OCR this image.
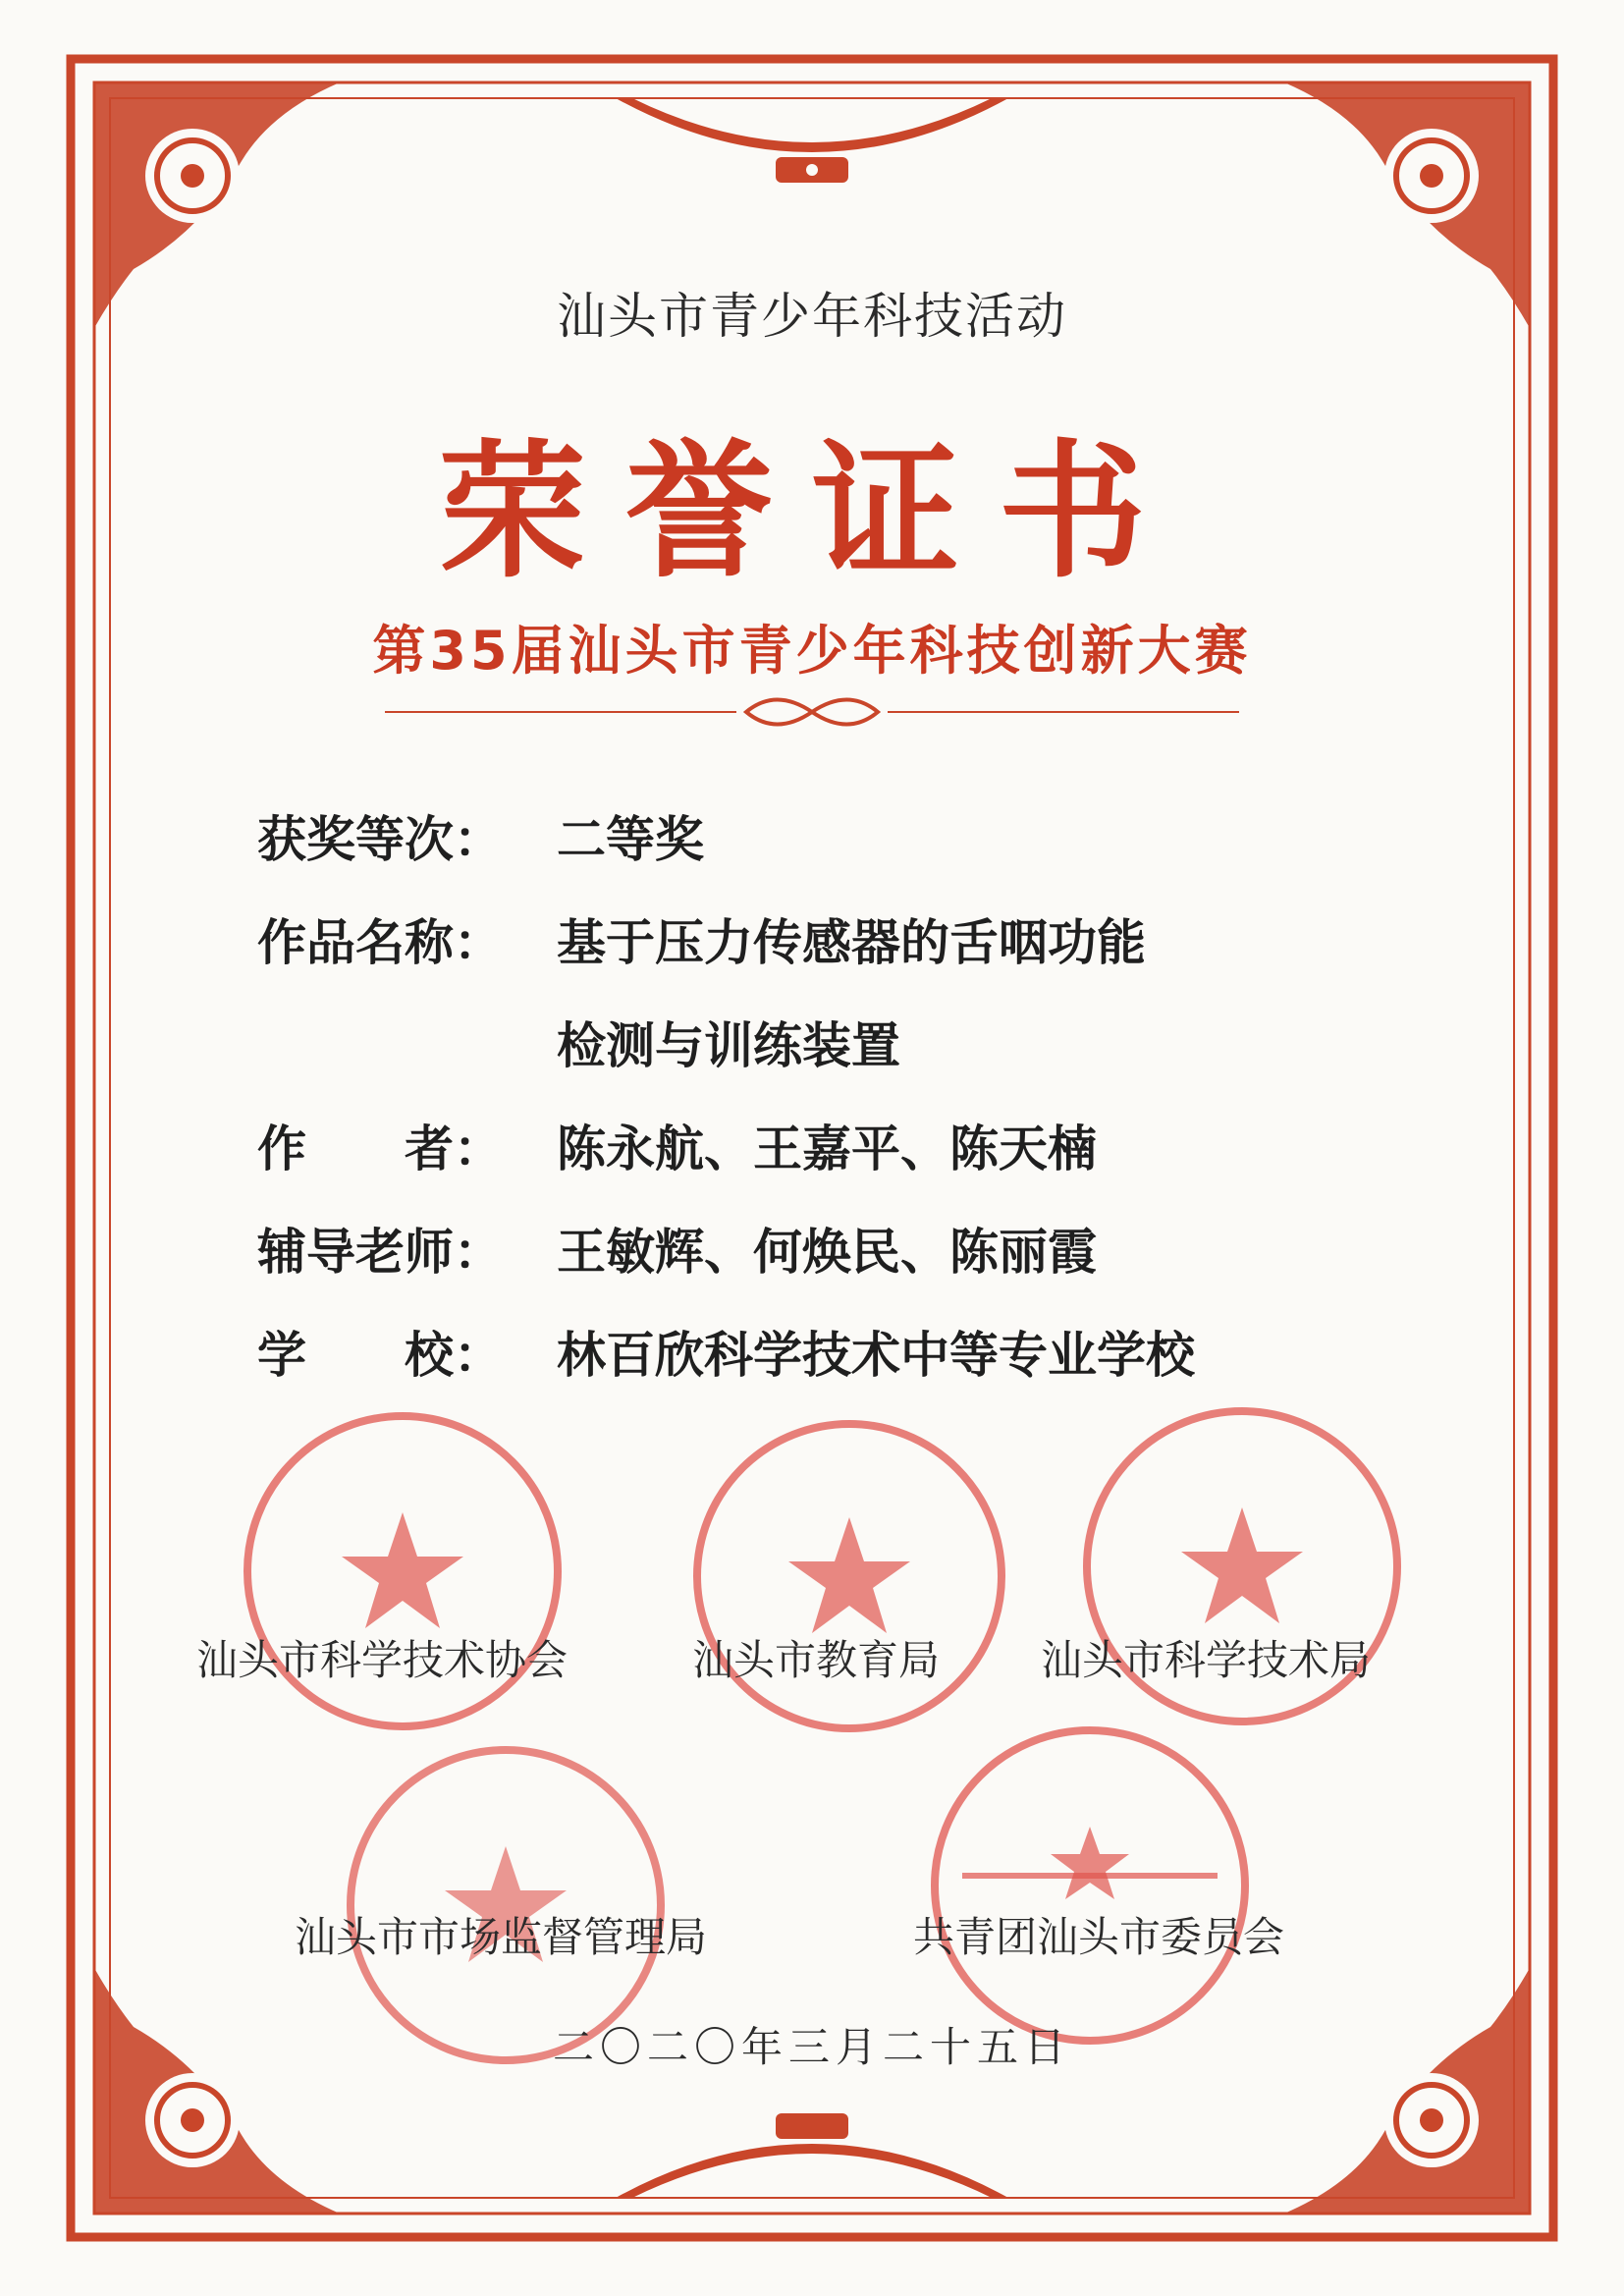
汕头市青少年科技活动
荣誉证书
第35届汕头市青少年科技创新大赛
获奖等次： 二等奖
作品名称： 基于压力传感器的舌咽功能
检测与训练装置
作　　者： 陈永航、王嘉平、陈天楠
辅导老师： 王敏辉、何焕民、陈丽霞
学　　校： 林百欣科学技术中等专业学校
汕头市科学技术协会	汕头市教育局 汕头市科学技术局
汕头市市场监督管理局	共青团汕头市委员会
二〇二〇年三月二十五日
